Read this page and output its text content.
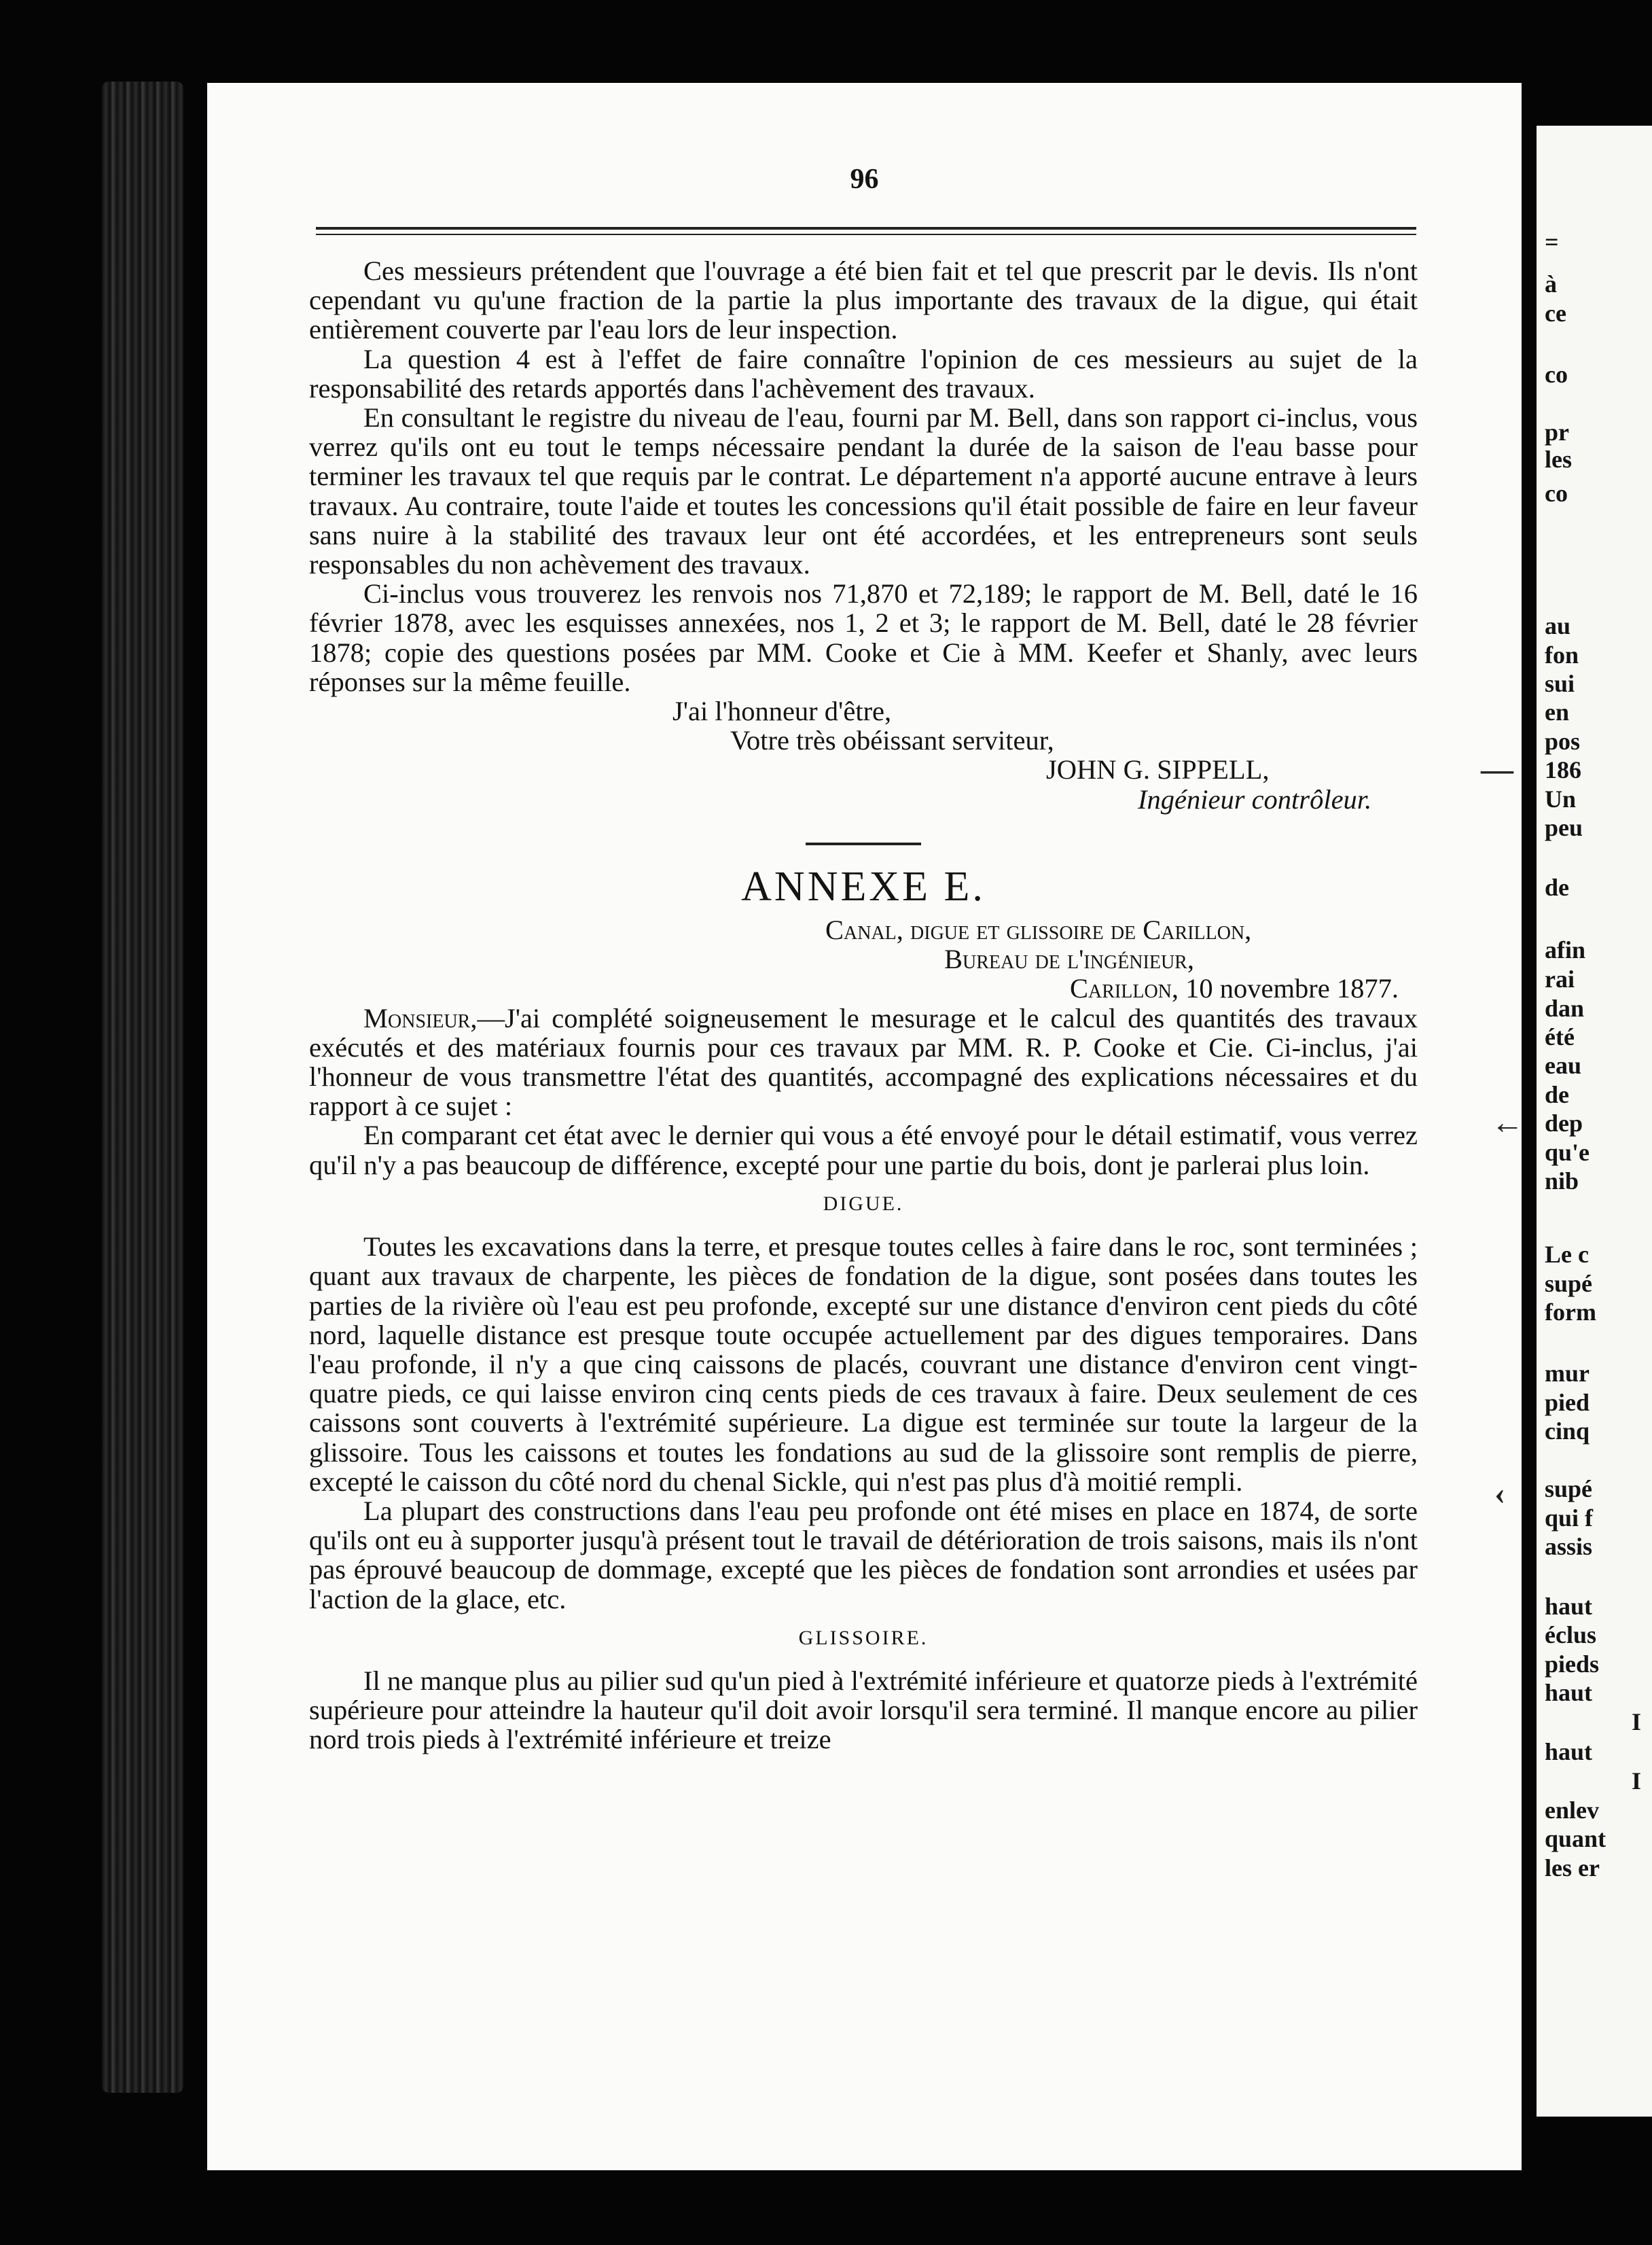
96

Ces messieurs prétendent que l'ouvrage a été bien fait et tel que prescrit par le devis. Ils n'ont cependant vu qu'une fraction de la partie la plus importante des travaux de la digue, qui était entièrement couverte par l'eau lors de leur inspection.

La question 4 est à l'effet de faire connaître l'opinion de ces messieurs au sujet de la responsabilité des retards apportés dans l'achèvement des travaux.

En consultant le registre du niveau de l'eau, fourni par M. Bell, dans son rapport ci-inclus, vous verrez qu'ils ont eu tout le temps nécessaire pendant la durée de la saison de l'eau basse pour terminer les travaux tel que requis par le contrat. Le département n'a apporté aucune entrave à leurs travaux. Au contraire, toute l'aide et toutes les concessions qu'il était possible de faire en leur faveur sans nuire à la stabilité des travaux leur ont été accordées, et les entrepreneurs sont seuls responsables du non achèvement des travaux.

Ci-inclus vous trouverez les renvois nos 71,870 et 72,189; le rapport de M. Bell, daté le 16 février 1878, avec les esquisses annexées, nos 1, 2 et 3; le rapport de M. Bell, daté le 28 février 1878; copie des questions posées par MM. Cooke et Cie à MM. Keefer et Shanly, avec leurs réponses sur la même feuille.

J'ai l'honneur d'être,
Votre très obéissant serviteur,
JOHN G. SIPPELL,
Ingénieur contrôleur.
ANNEXE E.
Canal, digue et glissoire de Carillon,
Bureau de l'ingénieur,
Carillon, 10 novembre 1877.

Monsieur,—J'ai complété soigneusement le mesurage et le calcul des quantités des travaux exécutés et des matériaux fournis pour ces travaux par MM. R. P. Cooke et Cie. Ci-inclus, j'ai l'honneur de vous transmettre l'état des quantités, accompagné des explications nécessaires et du rapport à ce sujet :

En comparant cet état avec le dernier qui vous a été envoyé pour le détail estimatif, vous verrez qu'il n'y a pas beaucoup de différence, excepté pour une partie du bois, dont je parlerai plus loin.

DIGUE.

Toutes les excavations dans la terre, et presque toutes celles à faire dans le roc, sont terminées ; quant aux travaux de charpente, les pièces de fondation de la digue, sont posées dans toutes les parties de la rivière où l'eau est peu profonde, excepté sur une distance d'environ cent pieds du côté nord, laquelle distance est presque toute occupée actuellement par des digues temporaires. Dans l'eau profonde, il n'y a que cinq caissons de placés, couvrant une distance d'environ cent vingt-quatre pieds, ce qui laisse environ cinq cents pieds de ces travaux à faire. Deux seulement de ces caissons sont couverts à l'extrémité supérieure. La digue est terminée sur toute la largeur de la glissoire. Tous les caissons et toutes les fondations au sud de la glissoire sont remplis de pierre, excepté le caisson du côté nord du chenal Sickle, qui n'est pas plus d'à moitié rempli.

La plupart des constructions dans l'eau peu profonde ont été mises en place en 1874, de sorte qu'ils ont eu à supporter jusqu'à présent tout le travail de détérioration de trois saisons, mais ils n'ont pas éprouvé beaucoup de dommage, excepté que les pièces de fondation sont arrondies et usées par l'action de la glace, etc.

GLISSOIRE.

Il ne manque plus au pilier sud qu'un pied à l'extrémité inférieure et quatorze pieds à l'extrémité supérieure pour atteindre la hauteur qu'il doit avoir lorsqu'il sera terminé. Il manque encore au pilier nord trois pieds à l'extrémité inférieure et treize

=
à
ce
co
pr
les
co
au
fon
sui
en
pos
186
Un
peu
de
afin
rai
dan
été
eau
de
dep
qu'e
nib
Le c
supé
form
mur
pied
cinq
supé
qui f
assis
haut
éclus
pieds
haut
I
haut
I
enlev
quant
les er
—
←
‹
